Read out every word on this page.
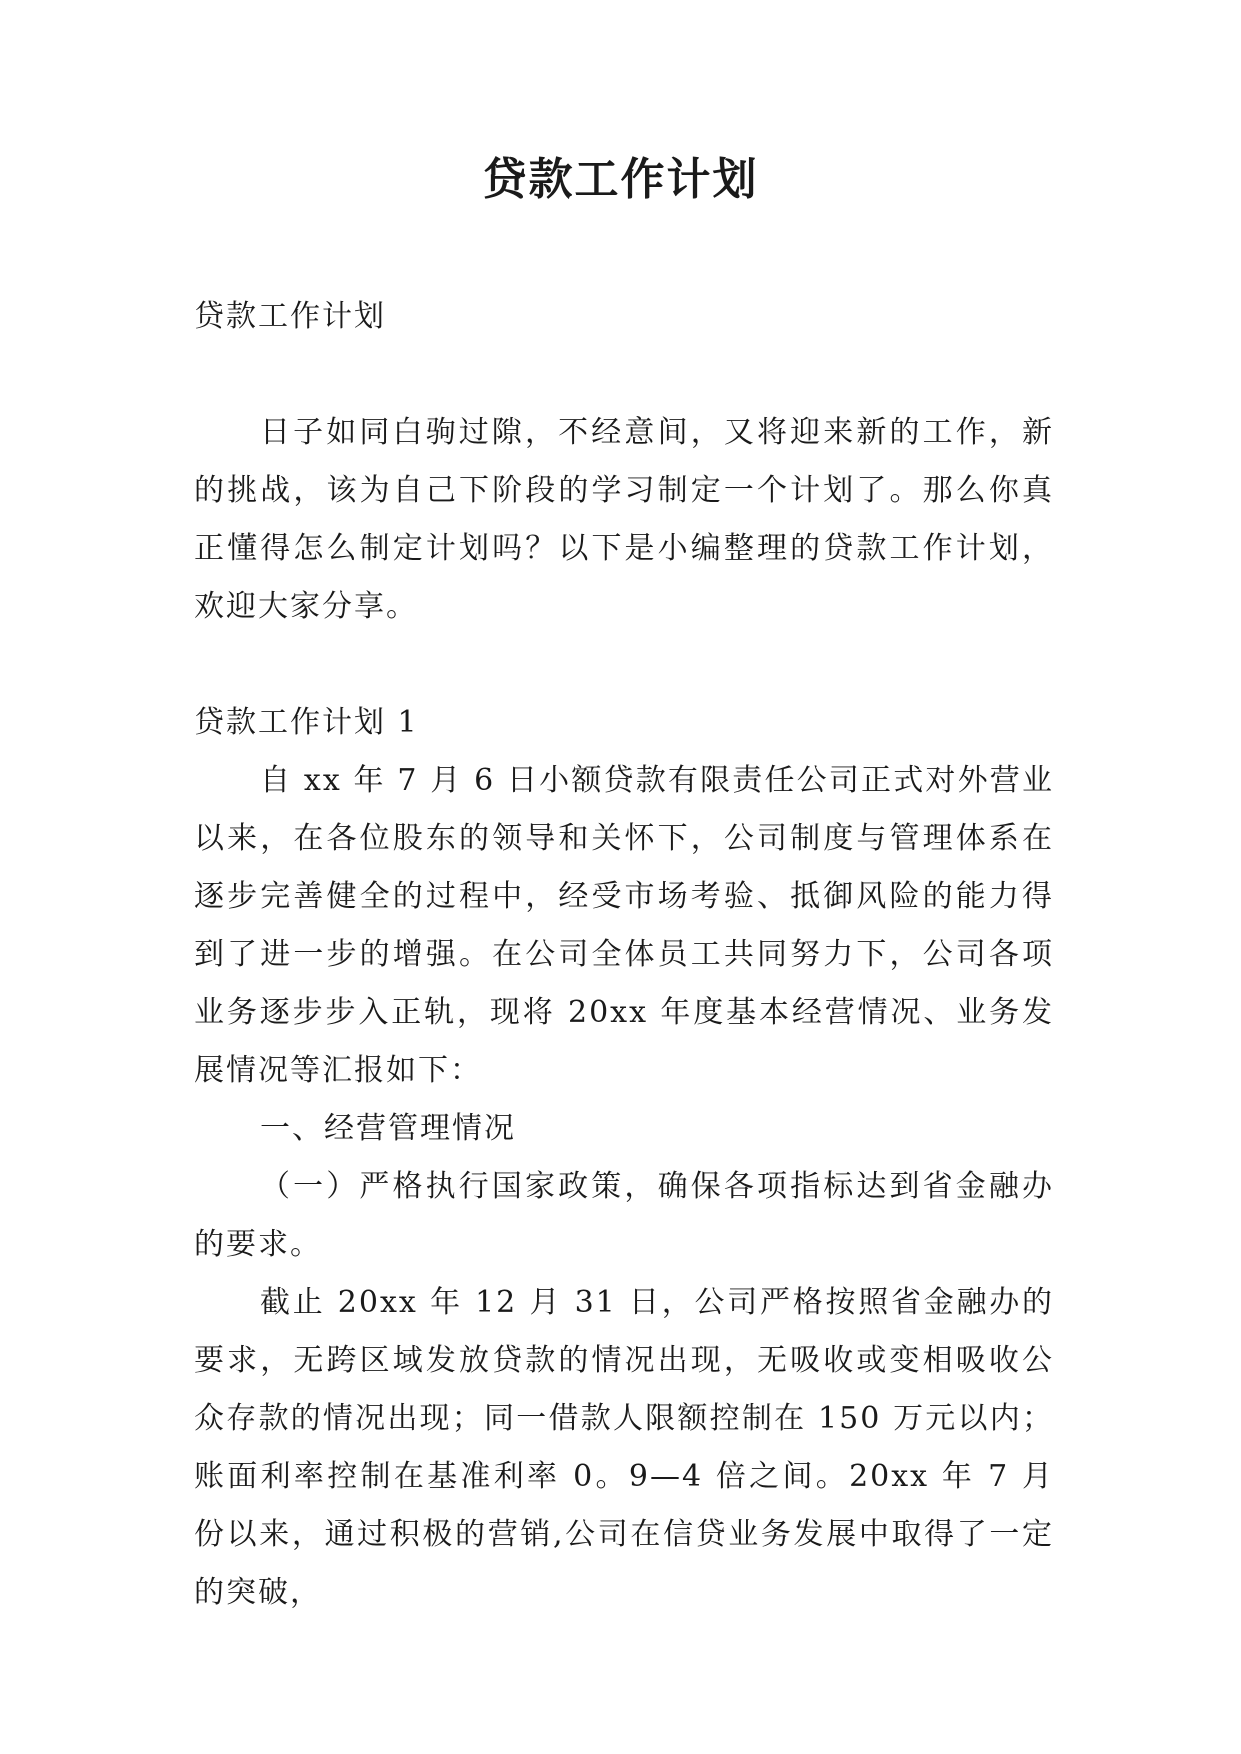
贷款工作计划

贷款工作计划

日子如同白驹过隙，不经意间，又将迎来新的工作，新的挑战，该为自己下阶段的学习制定一个计划了。那么你真正懂得怎么制定计划吗？以下是小编整理的贷款工作计划，欢迎大家分享。

贷款工作计划 1

自 xx 年 7 月 6 日小额贷款有限责任公司正式对外营业以来，在各位股东的领导和关怀下，公司制度与管理体系在逐步完善健全的过程中，经受市场考验、抵御风险的能力得到了进一步的增强。在公司全体员工共同努力下，公司各项业务逐步步入正轨，现将 20xx 年度基本经营情况、业务发展情况等汇报如下：

一、经营管理情况

（一）严格执行国家政策，确保各项指标达到省金融办的要求。

截止 20xx 年 12 月 31 日，公司严格按照省金融办的要求，无跨区域发放贷款的情况出现，无吸收或变相吸收公众存款的情况出现；同一借款人限额控制在 150 万元以内；账面利率控制在基准利率 0。9—4 倍之间。20xx 年 7 月份以来，通过积极的营销,公司在信贷业务发展中取得了一定的突破，
